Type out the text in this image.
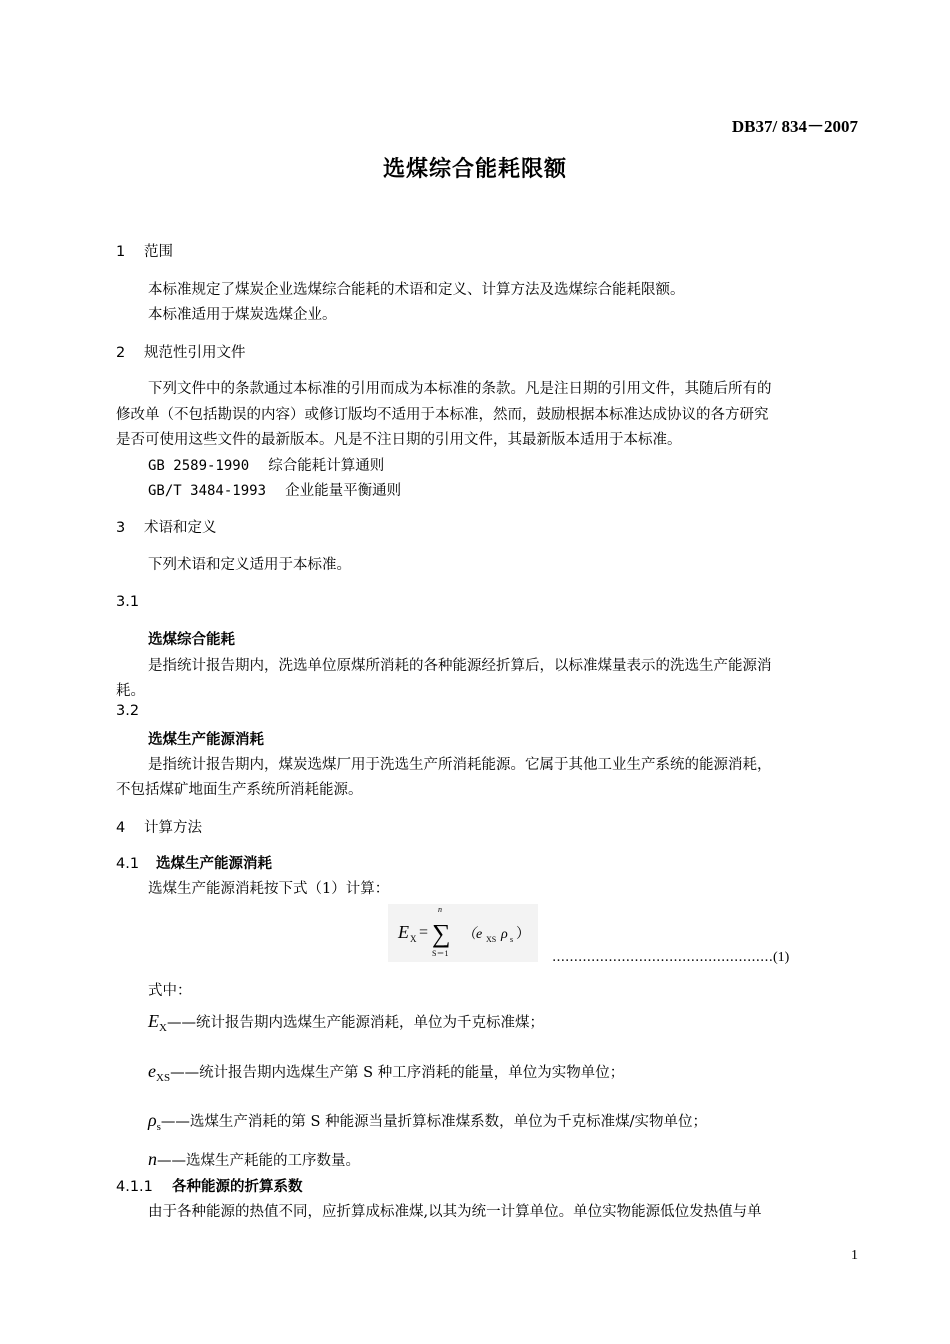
DB37/ 834－2007
选煤综合能耗限额
1 范围
本标准规定了煤炭企业选煤综合能耗的术语和定义、计算方法及选煤综合能耗限额。
本标准适用于煤炭选煤企业。
2 规范性引用文件
下列文件中的条款通过本标准的引用而成为本标准的条款。凡是注日期的引用文件，其随后所有的
修改单（不包括勘误的内容）或修订版均不适用于本标准，然而，鼓励根据本标准达成协议的各方研究
是否可使用这些文件的最新版本。凡是不注日期的引用文件，其最新版本适用于本标准。
GB 2589-1990 综合能耗计算通则
GB/T 3484-1993 企业能量平衡通则
3 术语和定义
下列术语和定义适用于本标准。
3.1
选煤综合能耗
是指统计报告期内，洗选单位原煤所消耗的各种能源经折算后，以标准煤量表示的洗选生产能源消
耗。
3.2
选煤生产能源消耗
是指统计报告期内，煤炭选煤厂用于洗选生产所消耗能源。它属于其他工业生产系统的能源消耗，
不包括煤矿地面生产系统所消耗能源。
4 计算方法
4.1 选煤生产能源消耗
选煤生产能源消耗按下式（1）计算：
E X =
n
∑
S＝1
（e XS ρ s ）
……………………………………………(1)
式中：
$E_X——$统计报告期内选煤生产能源消耗，单位为千克标准煤；
$e_{XS}——$统计报告期内选煤生产第 S 种工序消耗的能量，单位为实物单位；
$\rho_s——$选煤生产消耗的第 S 种能源当量折算标准煤系数，单位为千克标准煤/实物单位；
n——选煤生产耗能的工序数量。
4.1.1 各种能源的折算系数
由于各种能源的热值不同，应折算成标准煤,以其为统一计算单位。单位实物能源低位发热值与单
1
